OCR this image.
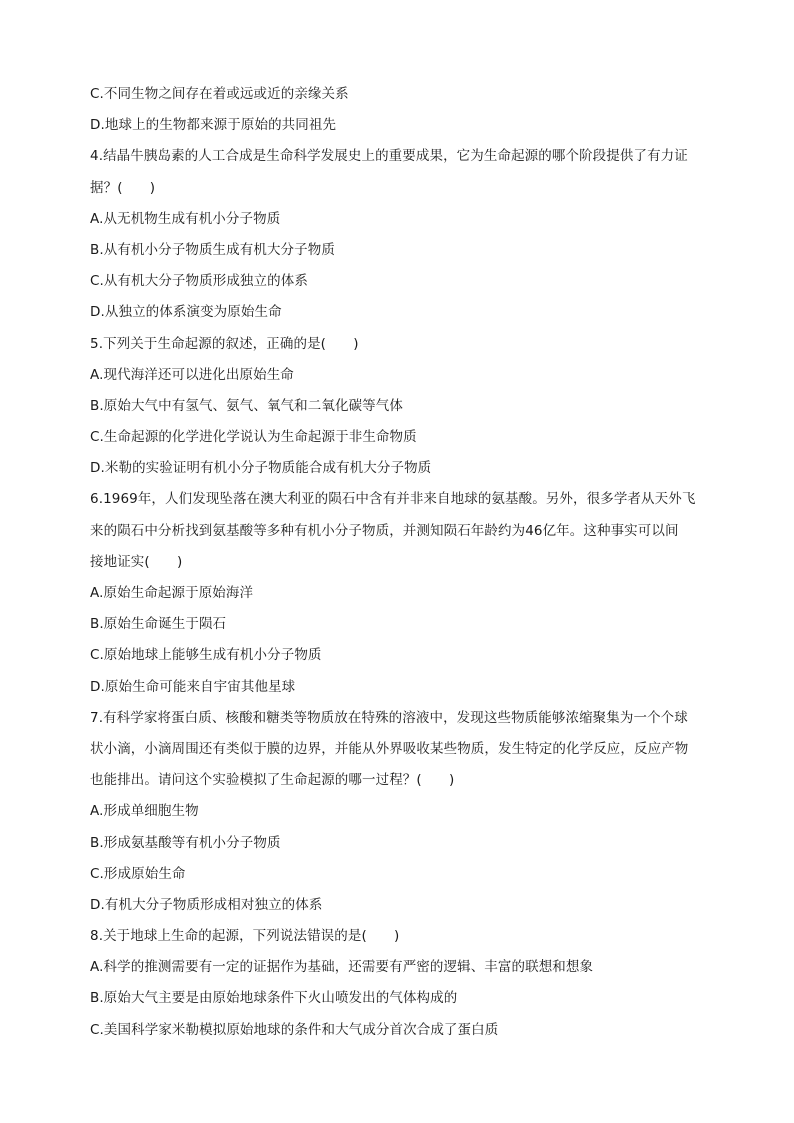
C.不同生物之间存在着或远或近的亲缘关系
D.地球上的生物都来源于原始的共同祖先
4.结晶牛胰岛素的人工合成是生命科学发展史上的重要成果，它为生命起源的哪个阶段提供了有力证
据？(　　)
A.从无机物生成有机小分子物质
B.从有机小分子物质生成有机大分子物质
C.从有机大分子物质形成独立的体系
D.从独立的体系演变为原始生命
5.下列关于生命起源的叙述，正确的是(　　)
A.现代海洋还可以进化出原始生命
B.原始大气中有氢气、氨气、氧气和二氧化碳等气体
C.生命起源的化学进化学说认为生命起源于非生命物质
D.米勒的实验证明有机小分子物质能合成有机大分子物质
6.1969年，人们发现坠落在澳大利亚的陨石中含有并非来自地球的氨基酸。另外，很多学者从天外飞
来的陨石中分析找到氨基酸等多种有机小分子物质，并测知陨石年龄约为46亿年。这种事实可以间
接地证实(　　)
A.原始生命起源于原始海洋
B.原始生命诞生于陨石
C.原始地球上能够生成有机小分子物质
D.原始生命可能来自宇宙其他星球
7.有科学家将蛋白质、核酸和糖类等物质放在特殊的溶液中，发现这些物质能够浓缩聚集为一个个球
状小滴，小滴周围还有类似于膜的边界，并能从外界吸收某些物质，发生特定的化学反应，反应产物
也能排出。请问这个实验模拟了生命起源的哪一过程？(　　)
A.形成单细胞生物
B.形成氨基酸等有机小分子物质
C.形成原始生命
D.有机大分子物质形成相对独立的体系
8.关于地球上生命的起源，下列说法错误的是(　　)
A.科学的推测需要有一定的证据作为基础，还需要有严密的逻辑、丰富的联想和想象
B.原始大气主要是由原始地球条件下火山喷发出的气体构成的
C.美国科学家米勒模拟原始地球的条件和大气成分首次合成了蛋白质
